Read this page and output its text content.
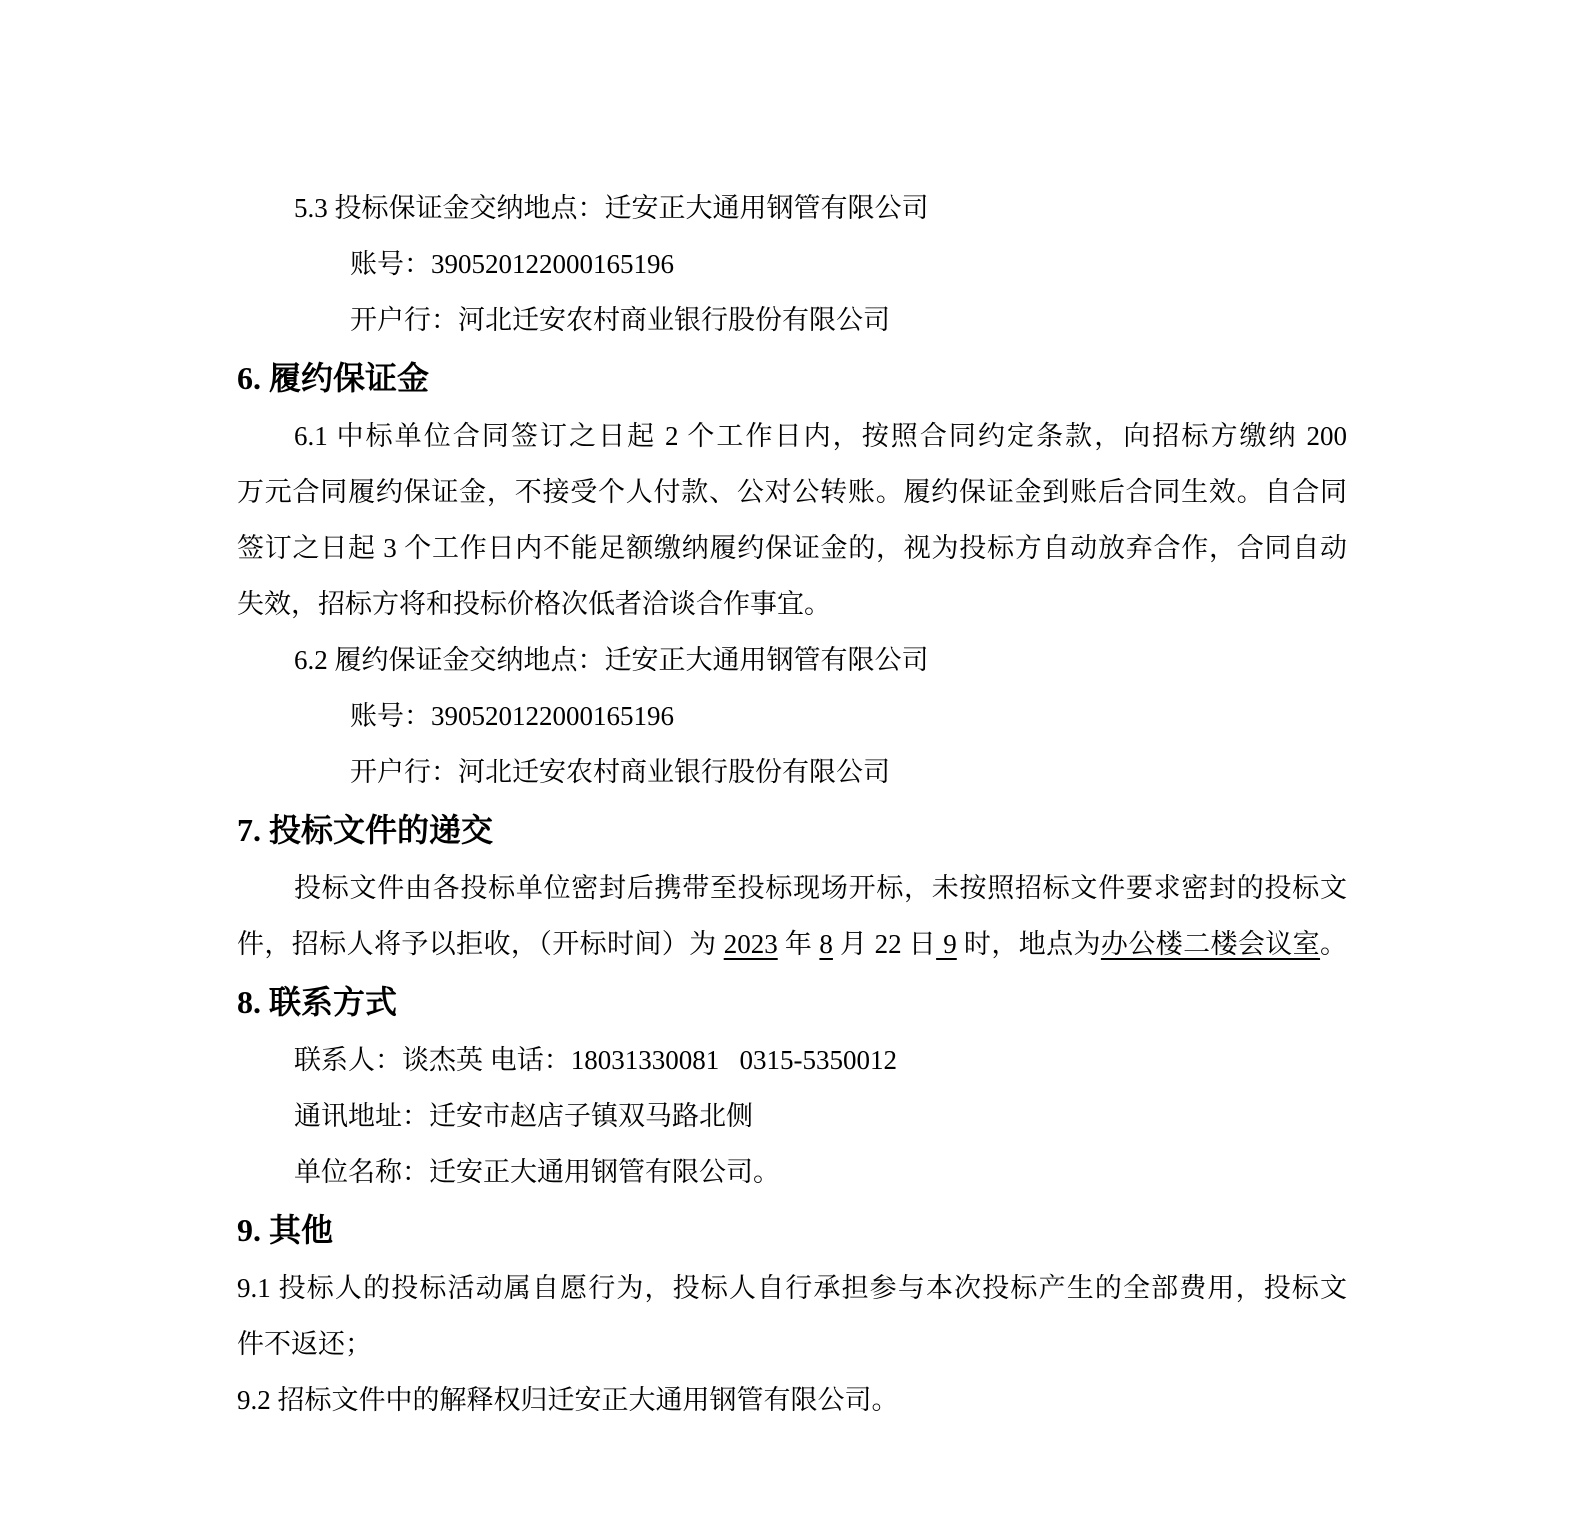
5.3 投标保证金交纳地点：迁安正大通用钢管有限公司
账号：390520122000165196
开户行：河北迁安农村商业银行股份有限公司
6. 履约保证金
6.1 中标单位合同签订之日起 2 个工作日内，按照合同约定条款，向招标方缴纳 200
万元合同履约保证金，不接受个人付款、公对公转账。履约保证金到账后合同生效。自合同
签订之日起 3 个工作日内不能足额缴纳履约保证金的，视为投标方自动放弃合作，合同自动
失效，招标方将和投标价格次低者洽谈合作事宜。
6.2 履约保证金交纳地点：迁安正大通用钢管有限公司
账号：390520122000165196
开户行：河北迁安农村商业银行股份有限公司
7. 投标文件的递交
投标文件由各投标单位密封后携带至投标现场开标，未按照招标文件要求密封的投标文
件，招标人将予以拒收，（开标时间）为 2023 年 8 月 22 日 9 时，地点为办公楼二楼会议室。
8. 联系方式
联系人：谈杰英 电话：18031330081   0315-5350012
通讯地址：迁安市赵店子镇双马路北侧
单位名称：迁安正大通用钢管有限公司。
9. 其他
9.1 投标人的投标活动属自愿行为，投标人自行承担参与本次投标产生的全部费用，投标文
件不返还；
9.2 招标文件中的解释权归迁安正大通用钢管有限公司。
